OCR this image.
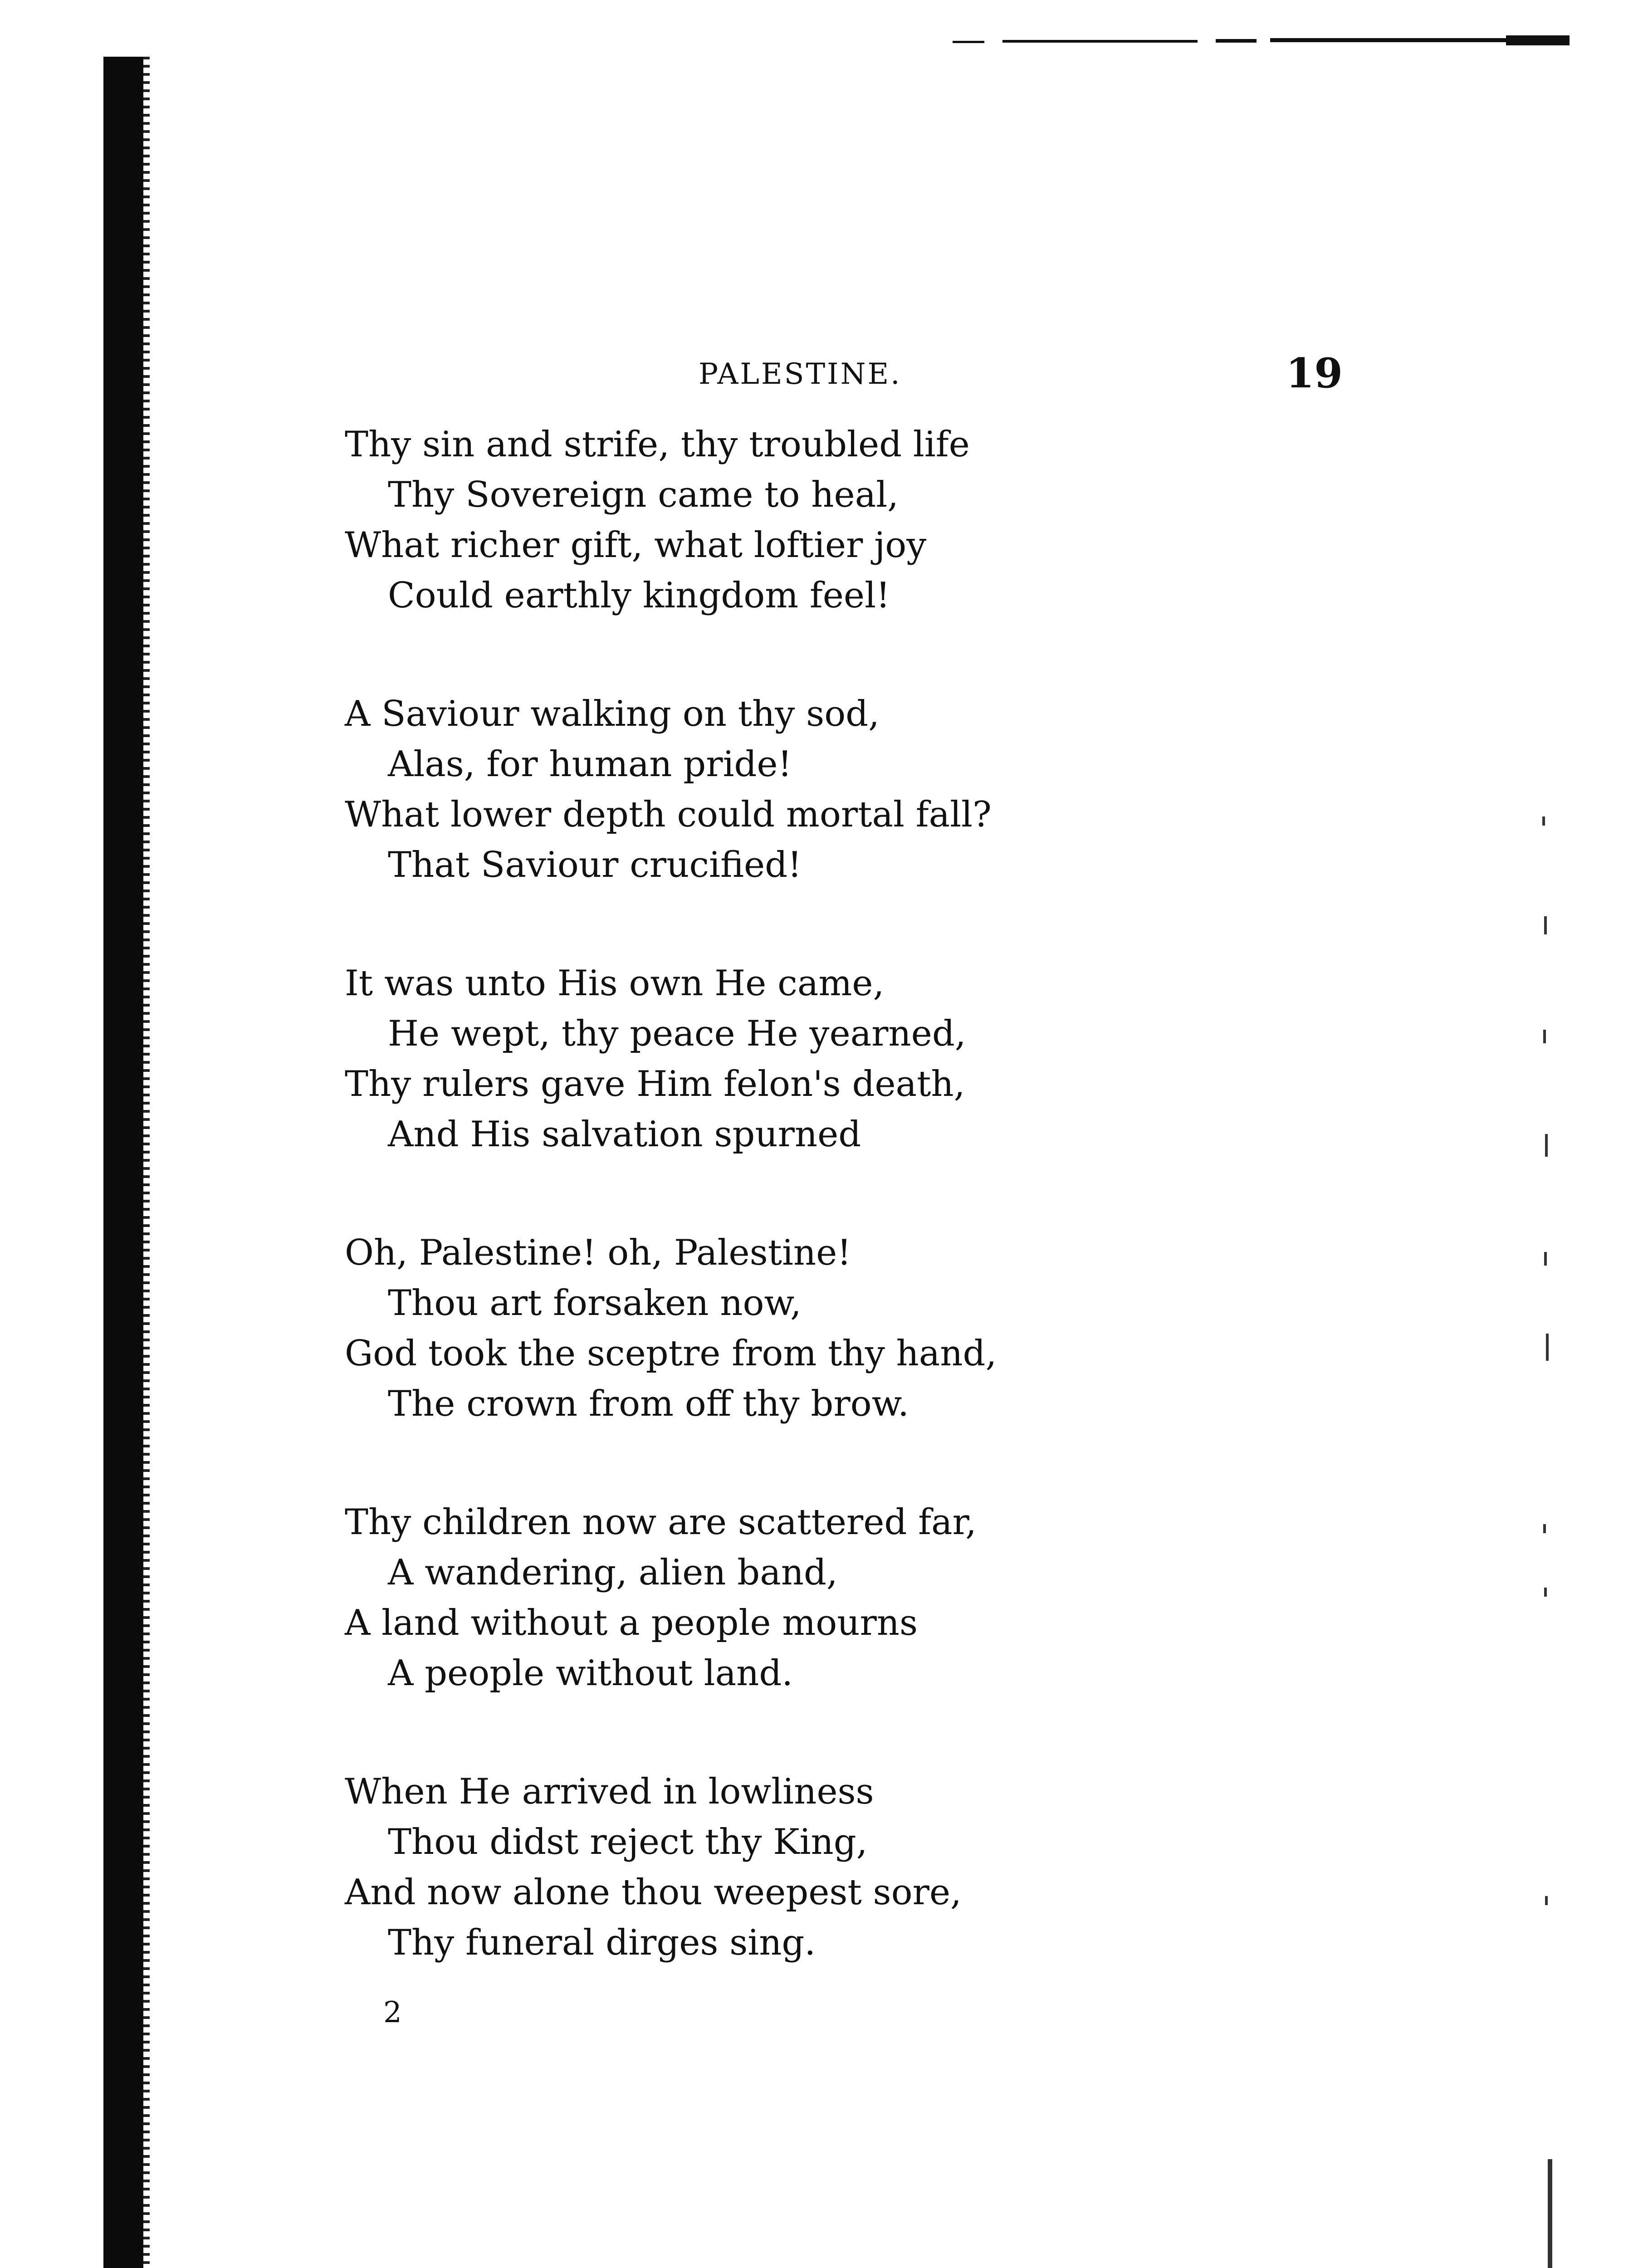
PALESTINE.	19
Thy sin and strife, thy troubled life
Thy Sovereign came to heal,
What richer gift, what loftier joy
Could earthly kingdom feel!
A Saviour walking on thy sod,
Alas, for human pride!
What lower depth could mortal fall?
That Saviour crucified!
It was unto His own He came,
He wept, thy peace He yearned,
Thy rulers gave Him felon's death,
And His salvation spurned
Oh, Palestine! oh, Palestine!
Thou art forsaken now,
God took the sceptre from thy hand,
The crown from off thy brow.
Thy children now are scattered far,
A wandering, alien band,
A land without a people mourns
A people without land.
When He arrived in lowliness
Thou didst reject thy King,
And now alone thou weepest sore,
Thy funeral dirges sing.
2
